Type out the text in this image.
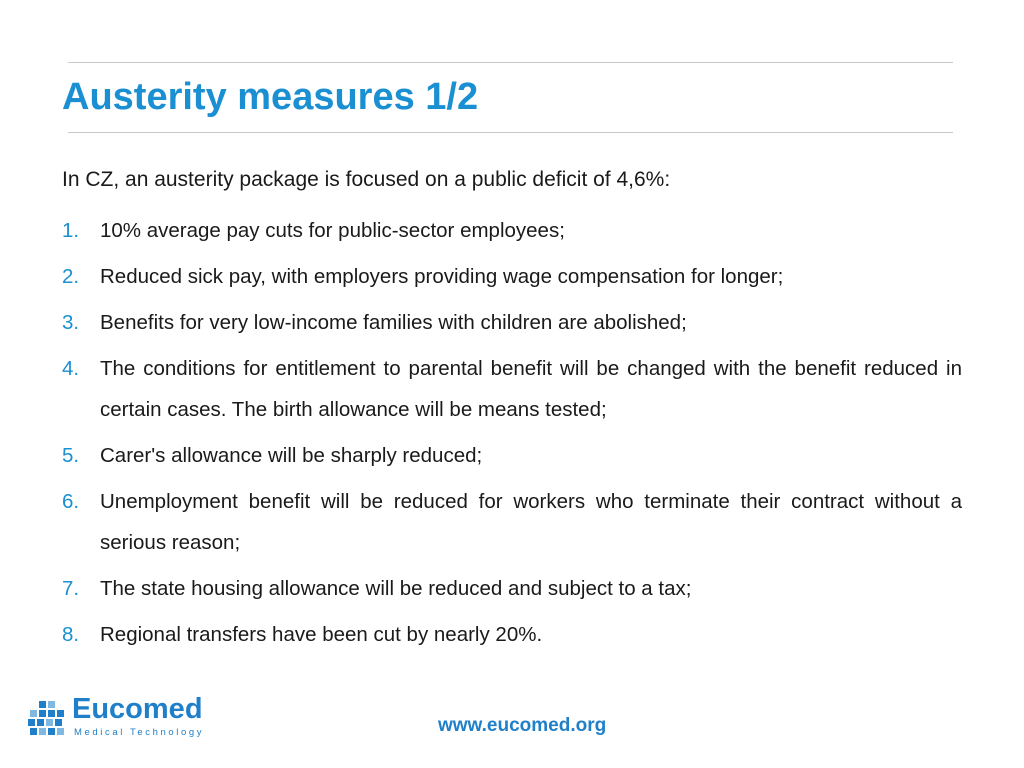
Austerity measures 1/2
In CZ, an austerity package is focused on a public deficit of 4,6%:
1. 10% average pay cuts for public-sector employees;
2. Reduced sick pay, with employers providing wage compensation for longer;
3. Benefits for very low-income families with children are abolished;
4. The conditions for entitlement to parental benefit will be changed with the benefit reduced in certain cases. The birth allowance will be means tested;
5. Carer's allowance will be sharply reduced;
6. Unemployment benefit will be reduced for workers who terminate their contract without a serious reason;
7. The state housing allowance will be reduced and subject to a tax;
8. Regional transfers have been cut by nearly 20%.
Eucomed
Medical Technology	www.eucomed.org
